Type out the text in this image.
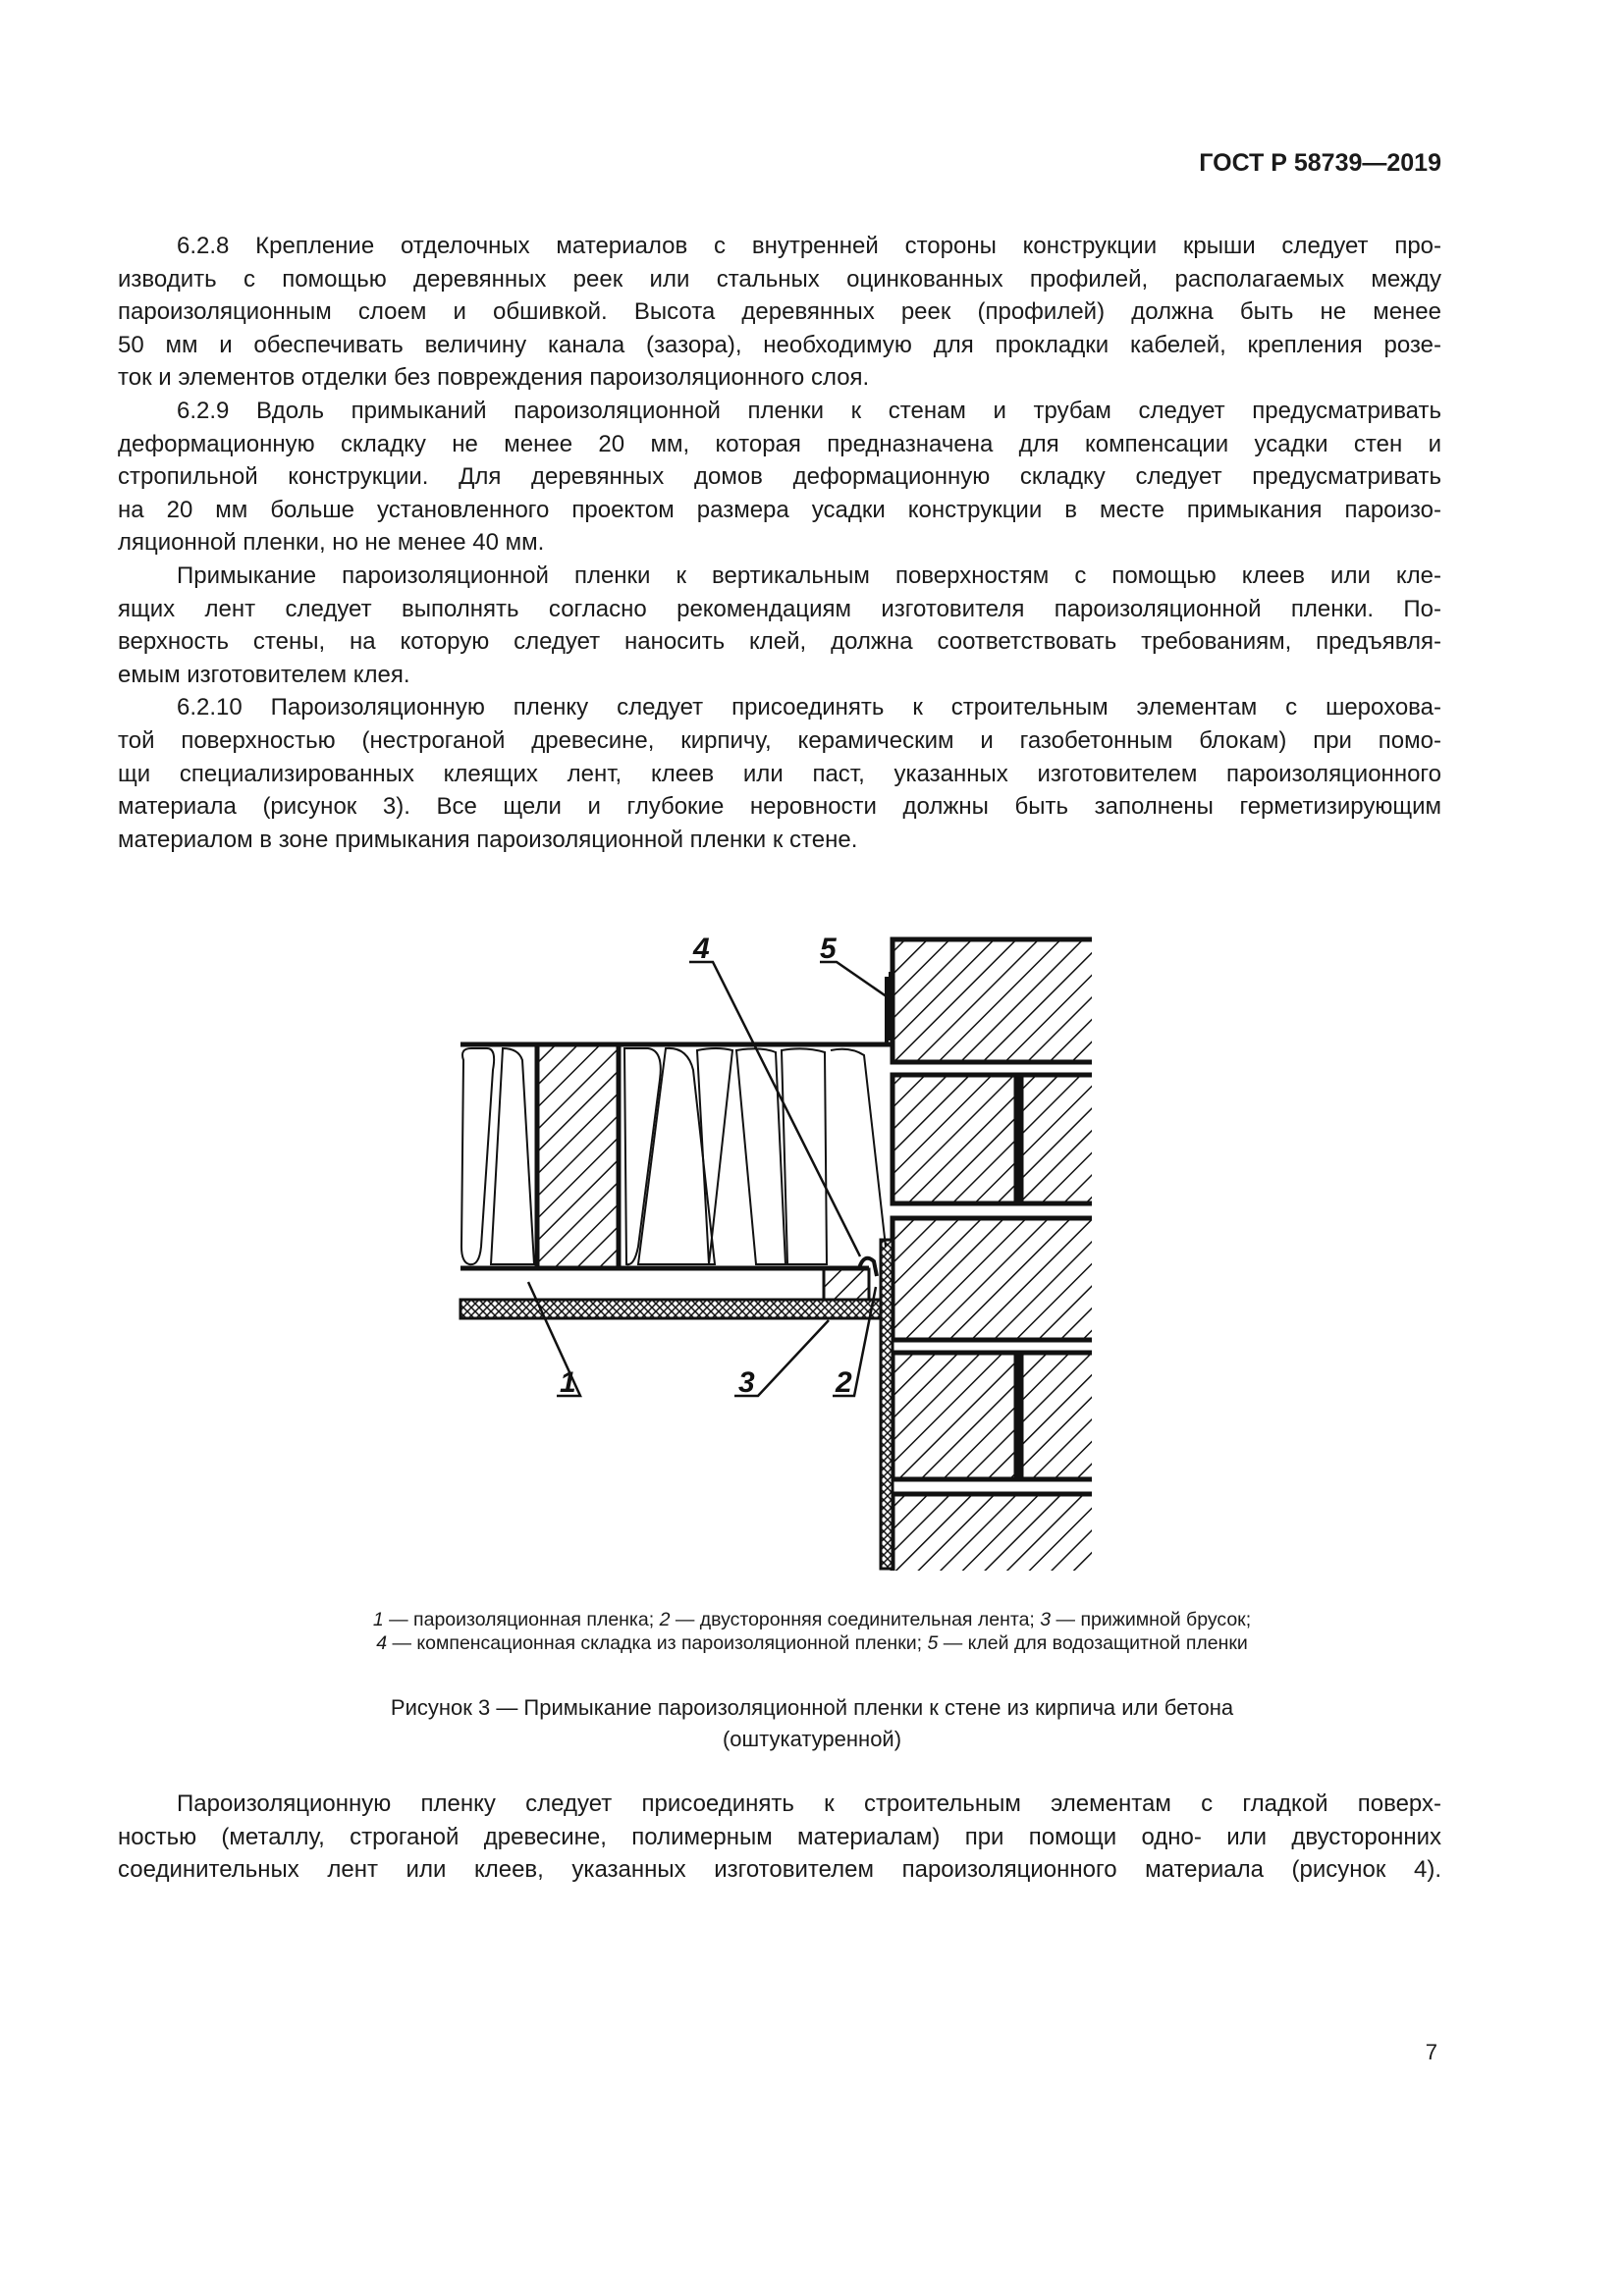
ГОСТ Р 58739—2019
6.2.8 Крепление отделочных материалов с внутренней стороны конструкции крыши следует про-
изводить с помощью деревянных реек или стальных оцинкованных профилей, располагаемых между
пароизоляционным слоем и обшивкой. Высота деревянных реек (профилей) должна быть не менее
50 мм и обеспечивать величину канала (зазора), необходимую для прокладки кабелей, крепления розе-
ток и элементов отделки без повреждения пароизоляционного слоя.
6.2.9 Вдоль примыканий пароизоляционной пленки к стенам и трубам следует предусматривать
деформационную складку не менее 20 мм, которая предназначена для компенсации усадки стен и
стропильной конструкции. Для деревянных домов деформационную складку следует предусматривать
на 20 мм больше установленного проектом размера усадки конструкции в месте примыкания пароизо-
ляционной пленки, но не менее 40 мм.
Примыкание пароизоляционной пленки к вертикальным поверхностям с помощью клеев или кле-
ящих лент следует выполнять согласно рекомендациям изготовителя пароизоляционной пленки. По-
верхность стены, на которую следует наносить клей, должна соответствовать требованиям, предъявля-
емым изготовителем клея.
6.2.10 Пароизоляционную пленку следует присоединять к строительным элементам с шерохова-
той поверхностью (нестроганой древесине, кирпичу, керамическим и газобетонным блокам) при помо-
щи специализированных клеящих лент, клеев или паст, указанных изготовителем пароизоляционного
материала (рисунок 3). Все щели и глубокие неровности должны быть заполнены герметизирующим
материалом в зоне примыкания пароизоляционной пленки к стене.
4	5
1	3	2
1 — пароизоляционная пленка; 2 — двусторонняя соединительная лента; 3 — прижимной брусок;
4 — компенсационная складка из пароизоляционной пленки; 5 — клей для водозащитной пленки
Рисунок 3 — Примыкание пароизоляционной пленки к стене из кирпича или бетона
(оштукатуренной)
Пароизоляционную пленку следует присоединять к строительным элементам с гладкой поверх-
ностью (металлу, строганой древесине, полимерным материалам) при помощи одно- или двусторонних
соединительных лент или клеев, указанных изготовителем пароизоляционного материала (рисунок 4).
7
